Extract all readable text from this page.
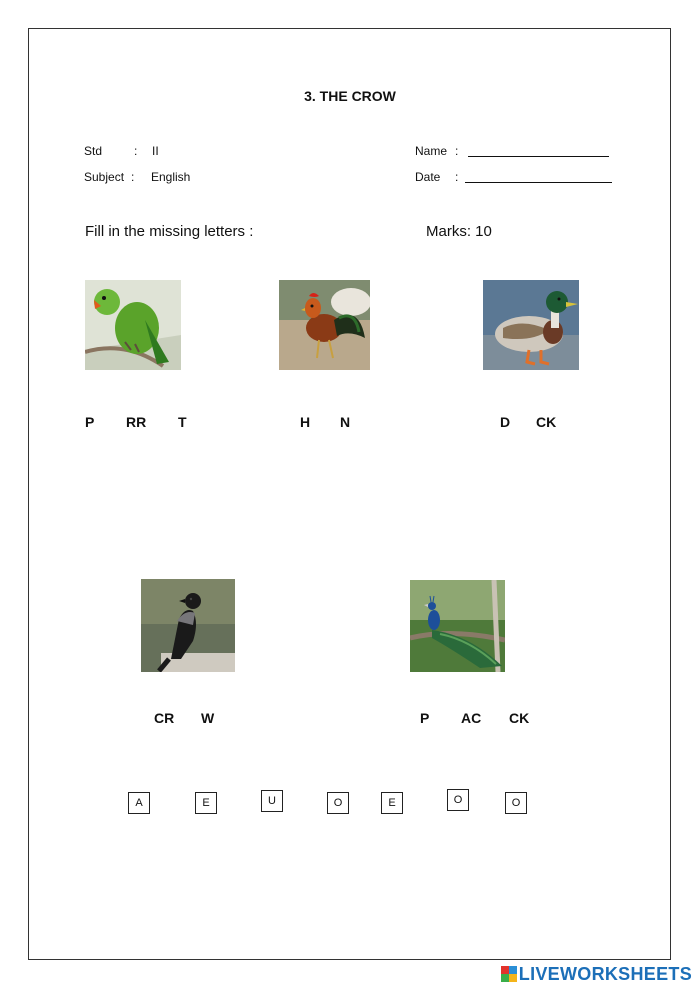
3. THE CROW
Std	: II
Subject : English
Name :
Date :
Fill in the missing letters :	Marks: 10
P RR T	H N	D CK
CR W	P AC CK
A	E	U	O	E	O	O
LIVEWORKSHEETS
